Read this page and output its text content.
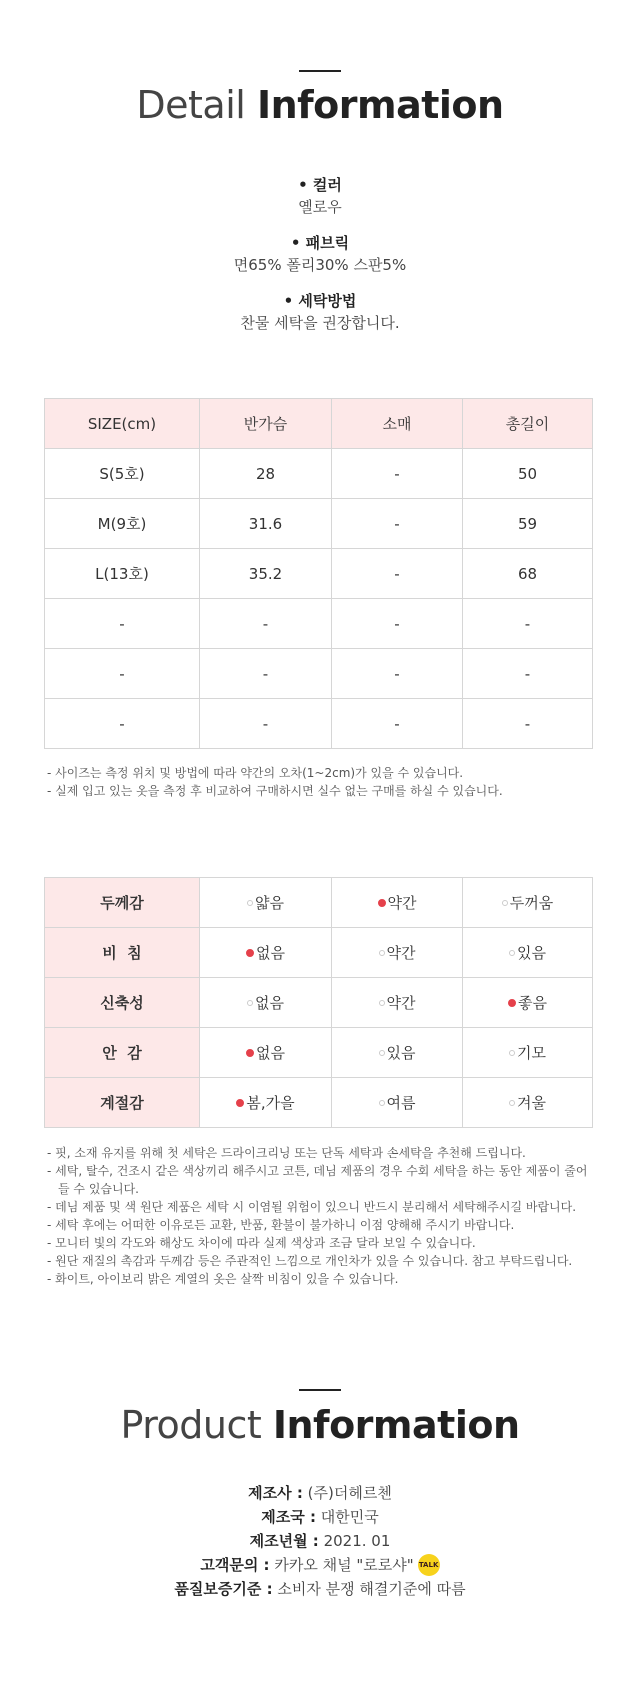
Detail Information
• 컬러
옐로우
• 패브릭
면65% 폴리30% 스판5%
• 세탁방법
찬물 세탁을 권장합니다.
SIZE(cm)	반가슴	소매	총길이
S(5호)	28	-	50
M(9호)	31.6	-	59
L(13호)	35.2	-	68
-	-	-	-
-	-	-	-
-	-	-	-
- 사이즈는 측정 위치 및 방법에 따라 약간의 오차(1~2cm)가 있을 수 있습니다.
- 실제 입고 있는 옷을 측정 후 비교하여 구매하시면 실수 없는 구매를 하실 수 있습니다.
두께감	얇음	약간	두꺼움

비  침	없음	약간	있음

신축성	없음	약간	좋음

안  감	없음	있음	기모

계절감	봄,가을	여름	겨울
- 핏, 소재 유지를 위해 첫 세탁은 드라이크리닝 또는 단독 세탁과 손세탁을 추천해 드립니다.
- 세탁, 탈수, 건조시 같은 색상끼리 해주시고 코튼, 데님 제품의 경우 수회 세탁을 하는 동안 제품이 줄어들 수 있습니다.
- 데님 제품 및 색 원단 제품은 세탁 시 이염될 위험이 있으니 반드시 분리해서 세탁해주시길 바랍니다.
- 세탁 후에는 어떠한 이유로든 교환, 반품, 환불이 불가하니 이점 양해해 주시기 바랍니다.
- 모니터 빛의 각도와 해상도 차이에 따라 실제 색상과 조금 달라 보일 수 있습니다.
- 원단 재질의 촉감과 두께감 등은 주관적인 느낌으로 개인차가 있을 수 있습니다. 참고 부탁드립니다.
- 화이트, 아이보리 밝은 계열의 옷은 살짝 비침이 있을 수 있습니다.
Product Information
제조사 :
(주)더헤르첸
제조국 :
대한민국
제조년월 :
2021. 01
고객문의 :
카카오 채널 "로로샤" TALK
품질보증기준 :
소비자 분쟁 해결기준에 따름
